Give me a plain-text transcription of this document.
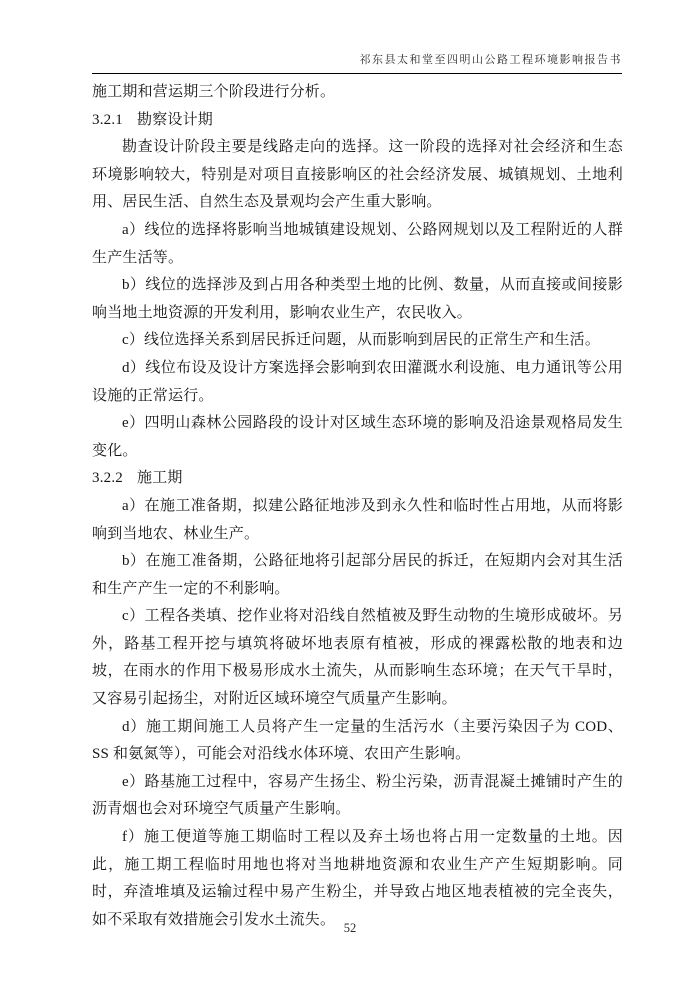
祁东县太和堂至四明山公路工程环境影响报告书

施工期和营运期三个阶段进行分析。

3.2.1 勘察设计期

勘查设计阶段主要是线路走向的选择。这一阶段的选择对社会经济和生态环境影响较大，特别是对项目直接影响区的社会经济发展、城镇规划、土地利用、居民生活、自然生态及景观均会产生重大影响。

a）线位的选择将影响当地城镇建设规划、公路网规划以及工程附近的人群生产生活等。

b）线位的选择涉及到占用各种类型土地的比例、数量，从而直接或间接影响当地土地资源的开发利用，影响农业生产，农民收入。

c）线位选择关系到居民拆迁问题，从而影响到居民的正常生产和生活。

d）线位布设及设计方案选择会影响到农田灌溉水利设施、电力通讯等公用设施的正常运行。

e）四明山森林公园路段的设计对区域生态环境的影响及沿途景观格局发生变化。

3.2.2 施工期

a）在施工准备期，拟建公路征地涉及到永久性和临时性占用地，从而将影响到当地农、林业生产。

b）在施工准备期，公路征地将引起部分居民的拆迁，在短期内会对其生活和生产产生一定的不利影响。

c）工程各类填、挖作业将对沿线自然植被及野生动物的生境形成破坏。另外，路基工程开挖与填筑将破坏地表原有植被，形成的裸露松散的地表和边坡，在雨水的作用下极易形成水土流失，从而影响生态环境；在天气干旱时，又容易引起扬尘，对附近区域环境空气质量产生影响。

d）施工期间施工人员将产生一定量的生活污水（主要污染因子为 COD、SS 和氨氮等），可能会对沿线水体环境、农田产生影响。

e）路基施工过程中，容易产生扬尘、粉尘污染，沥青混凝土摊铺时产生的沥青烟也会对环境空气质量产生影响。

f）施工便道等施工期临时工程以及弃土场也将占用一定数量的土地。因此，施工期工程临时用地也将对当地耕地资源和农业生产产生短期影响。同时，弃渣堆填及运输过程中易产生粉尘，并导致占地区地表植被的完全丧失，如不采取有效措施会引发水土流失。

52
